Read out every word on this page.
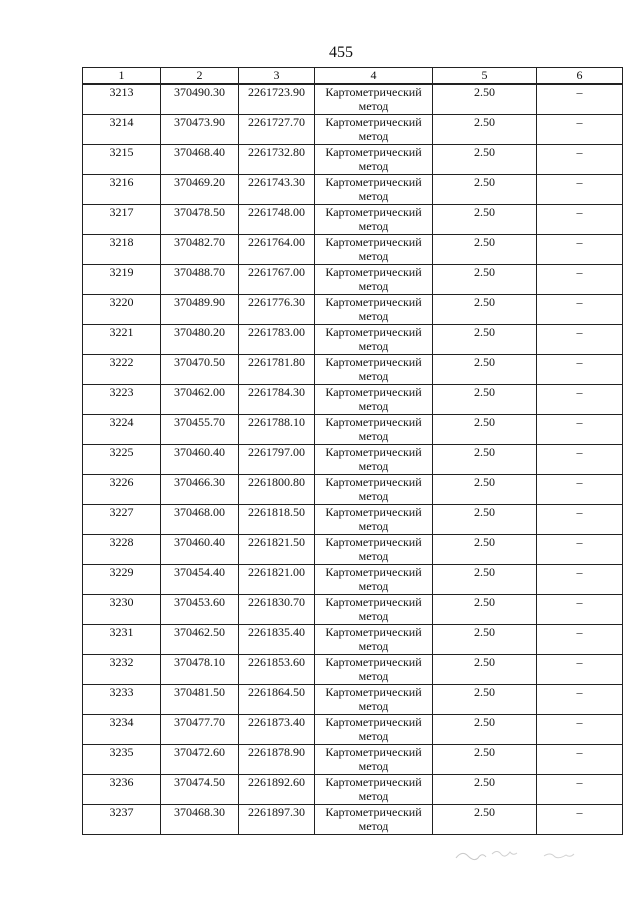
455
1	2	3	4	5	6
3213	370490.30	2261723.90	Картометрический
метод	2.50	–
3214	370473.90	2261727.70	Картометрический
метод	2.50	–
3215	370468.40	2261732.80	Картометрический
метод	2.50	–
3216	370469.20	2261743.30	Картометрический
метод	2.50	–
3217	370478.50	2261748.00	Картометрический
метод	2.50	–
3218	370482.70	2261764.00	Картометрический
метод	2.50	–
3219	370488.70	2261767.00	Картометрический
метод	2.50	–
3220	370489.90	2261776.30	Картометрический
метод	2.50	–
3221	370480.20	2261783.00	Картометрический
метод	2.50	–
3222	370470.50	2261781.80	Картометрический
метод	2.50	–
3223	370462.00	2261784.30	Картометрический
метод	2.50	–
3224	370455.70	2261788.10	Картометрический
метод	2.50	–
3225	370460.40	2261797.00	Картометрический
метод	2.50	–
3226	370466.30	2261800.80	Картометрический
метод	2.50	–
3227	370468.00	2261818.50	Картометрический
метод	2.50	–
3228	370460.40	2261821.50	Картометрический
метод	2.50	–
3229	370454.40	2261821.00	Картометрический
метод	2.50	–
3230	370453.60	2261830.70	Картометрический
метод	2.50	–
3231	370462.50	2261835.40	Картометрический
метод	2.50	–
3232	370478.10	2261853.60	Картометрический
метод	2.50	–
3233	370481.50	2261864.50	Картометрический
метод	2.50	–
3234	370477.70	2261873.40	Картометрический
метод	2.50	–
3235	370472.60	2261878.90	Картометрический
метод	2.50	–
3236	370474.50	2261892.60	Картометрический
метод	2.50	–
3237	370468.30	2261897.30	Картометрический
метод	2.50	–
